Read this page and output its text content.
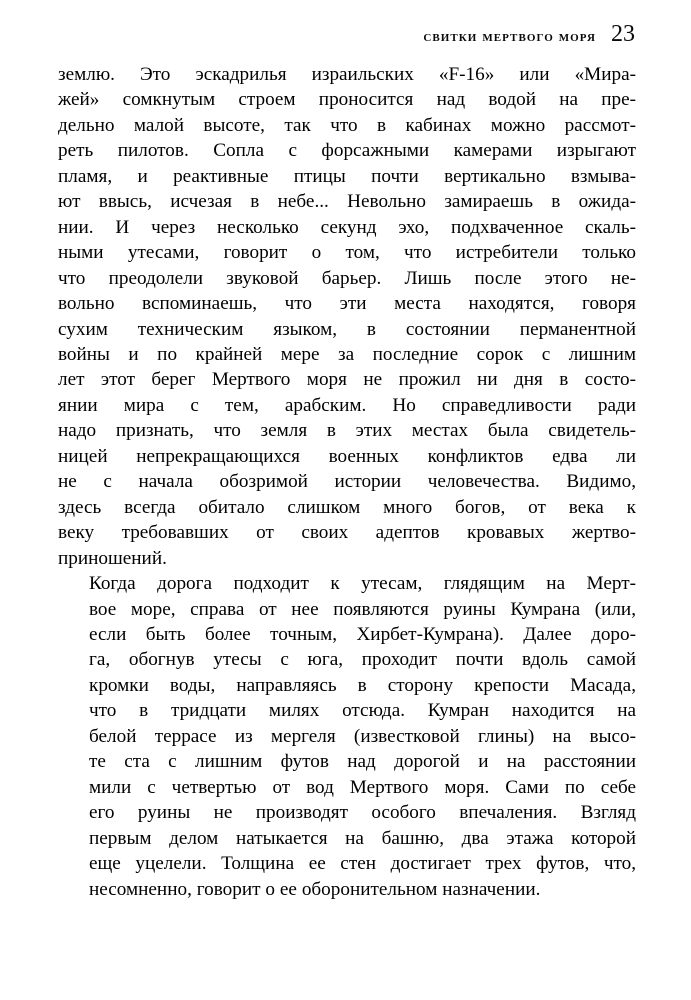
свитки мертвого моря 23

землю. Это эскадрилья израильских «F-16» или «Мира-
жей» сомкнутым строем проносится над водой на пре-
дельно малой высоте, так что в кабинах можно рассмот-
реть пилотов. Сопла с форсажными камерами изрыгают
пламя, и реактивные птицы почти вертикально взмыва-
ют ввысь, исчезая в небе... Невольно замираешь в ожида-
нии. И через несколько секунд эхо, подхваченное скаль-
ными утесами, говорит о том, что истребители только
что преодолели звуковой барьер. Лишь после этого не-
вольно вспоминаешь, что эти места находятся, говоря
сухим техническим языком, в состоянии перманентной
войны и по крайней мере за последние сорок с лишним
лет этот берег Мертвого моря не прожил ни дня в состо-
янии мира с тем, арабским. Но справедливости ради
надо признать, что земля в этих местах была свидетель-
ницей непрекращающихся военных конфликтов едва ли
не с начала обозримой истории человечества. Видимо,
здесь всегда обитало слишком много богов, от века к
веку требовавших от своих адептов кровавых жертво-
приношений.

Когда дорога подходит к утесам, глядящим на Мерт-
вое море, справа от нее появляются руины Кумрана (или,
если быть более точным, Хирбет-Кумрана). Далее доро-
га, обогнув утесы с юга, проходит почти вдоль самой
кромки воды, направляясь в сторону крепости Масада,
что в тридцати милях отсюда. Кумран находится на
белой террасе из мергеля (известковой глины) на высо-
те ста с лишним футов над дорогой и на расстоянии
мили с четвертью от вод Мертвого моря. Сами по себе
его руины не производят особого впечаления. Взгляд
первым делом натыкается на башню, два этажа которой
еще уцелели. Толщина ее стен достигает трех футов, что,
несомненно, говорит о ее оборонительном назначении.
